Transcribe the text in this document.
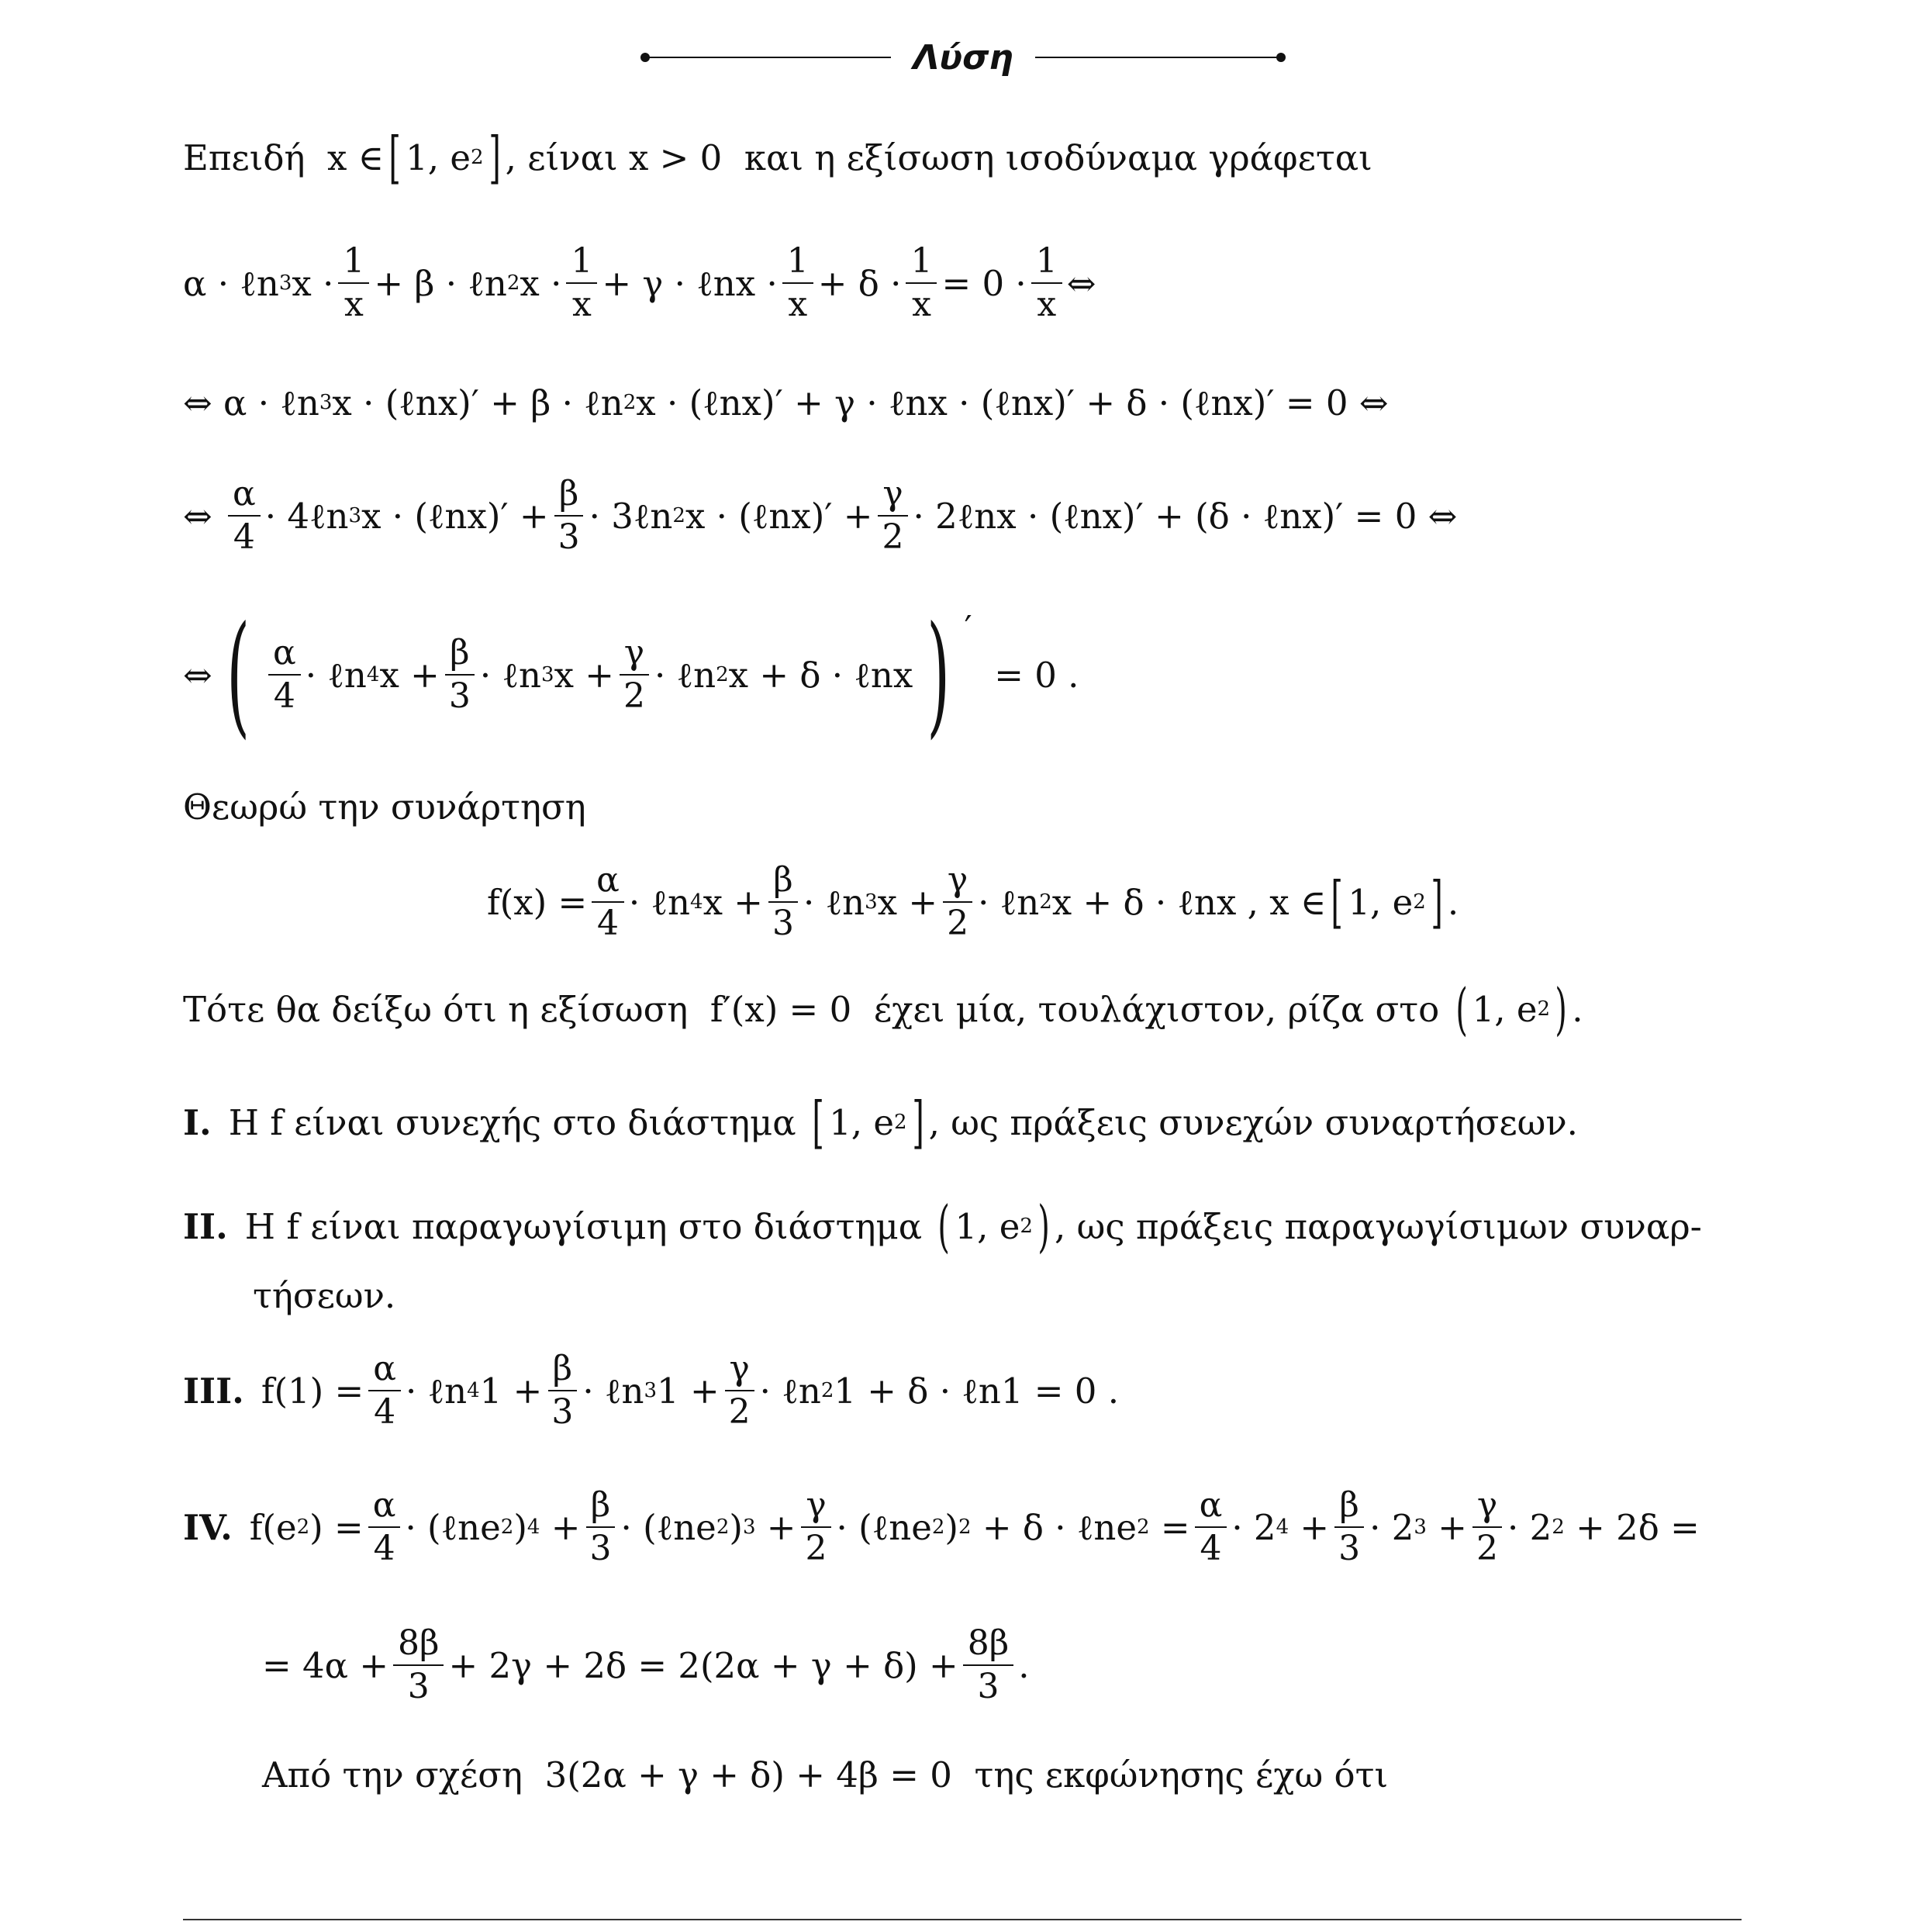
Λύση
Επειδή
x ∈ [ 1, e 2 ] , είναι
x > 0
και η εξίσωση ισοδύναμα γράφεται
α · ℓn 3 $x \cdot \frac{1}{x} + \beta$ · ℓn 2 $x \cdot \frac{1}{x} + \gamma$ · ℓnx · $\frac{1}{x} + \delta \cdot \frac{1}{x} = 0 \cdot \frac{1}{x}$ ⇔
⇔ α · ℓn 3 x · (ℓnx)′ + β · ℓn 2 x · (ℓnx)′ + γ · ℓnx · (ℓnx)′ + δ · (ℓnx)′ = 0 ⇔
⇔
$\frac{\alpha}{4}$ · 4ℓn 3 x · (ℓnx)′ + $\frac{\beta}{3}$ · 3ℓn 2 x · (ℓnx)′ + $\frac{\gamma}{2}$ · 2ℓnx · (ℓnx)′ + (δ · ℓnx)′ = 0 ⇔
⇔ ( $\frac{\alpha}{4}$ · ℓn 4 $x + \frac{\beta}{3}$ · ℓn 3 $x + \frac{\gamma}{2}$ · ℓn 2 x + δ · ℓnx ) ′

= 0 .
Θεωρώ την συνάρτηση
$f(x) = \frac{\alpha}{4}$ · ℓn 4 $x + \frac{\beta}{3}$ · ℓn 3 $x + \frac{\gamma}{2}$ · ℓn 2 x + δ · ℓnx , x ∈ [ 1, e 2 ] .
Τότε θα δείξω ότι η εξίσωση
f′(x) = 0
έχει μία, τουλάχιστον, ρίζα στο
( 1, e 2 ) .
I. Η f είναι συνεχής στο διάστημα
[ 1, e 2 ] , ως πράξεις συνεχών συναρτήσεων.
II. Η f είναι παραγωγίσιμη στο διάστημα
( 1, e 2 ) , ως πράξεις παραγωγίσιμων συναρ-
τήσεων.
III. $f(1) = \frac{\alpha}{4}$ · ℓn 4 $1 + \frac{\beta}{3}$ · ℓn 3 $1 + \frac{\gamma}{2}$ · ℓn 2 1 + δ · ℓn1 = 0 .
IV. f(e 2 ) = $\frac{\alpha}{4}$ · (ℓne 2 ) 4
+ $\frac{\beta}{3}$ · (ℓne 2 ) 3
+ $\frac{\gamma}{2}$ · (ℓne 2 ) 2
+ δ · ℓne 2
= $\frac{\alpha}{4} \cdot 2$ 4
+ $\frac{\beta}{3} \cdot 2$ 3
+ $\frac{\gamma}{2} \cdot 2$ 2
+ 2δ =
= $4\alpha + \frac{8\beta}{3} + 2\gamma + 2\delta = 2(2\alpha + \gamma + \delta) + \frac{8\beta}{3}$ .
Από την σχέση
3(2α + γ + δ) + 4β = 0
της εκφώνησης έχω ότι
